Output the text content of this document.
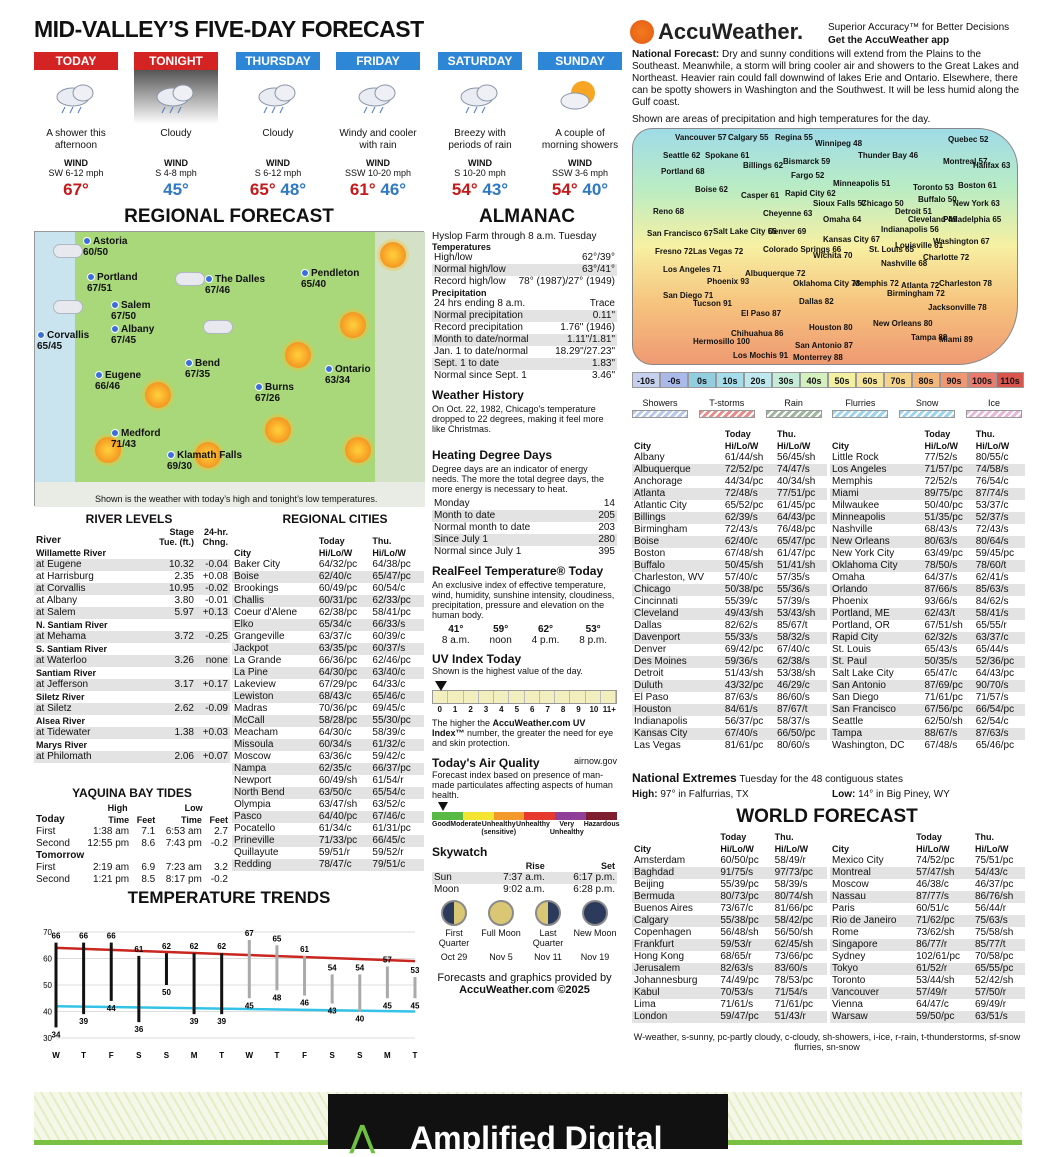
MID-VALLEY’S FIVE-DAY FORECAST
TODAY
A shower this afternoon
WIND
SW 6-12 mph
67°
TONIGHT
Cloudy
WIND
S 4-8 mph
45°
THURSDAY
Cloudy
WIND
S 6-12 mph
65° 48°
FRIDAY
Windy and cooler with rain
WIND
SSW 10-20 mph
61° 46°
SATURDAY
Breezy with periods of rain
WIND
S 10-20 mph
54° 43°
SUNDAY
A couple of morning showers
WIND
SSW 3-6 mph
54° 40°
REGIONAL FORECAST
Astoria
60/50
Portland
67/51
The Dalles
67/46
Pendleton
65/40
Salem
67/50
Corvallis
65/45
Albany
67/45
Eugene
66/46
Bend
67/35	Ontario
63/34
Burns
67/26
Medford
71/43
Klamath Falls
69/30
Shown is the weather with today’s high and tonight’s low temperatures.
RIVER LEVELS
River	Stage Tue. (ft.)	24-hr. Chng.
Willamette River		
at Eugene	10.32	-0.04
at Harrisburg	2.35	+0.08
at Corvallis	10.95	-0.02
at Albany	3.80	-0.01
at Salem	5.97	+0.13
N. Santiam River		
at Mehama	3.72	-0.25
S. Santiam River		
at Waterloo	3.26	none
Santiam River		
at Jefferson	3.17	+0.17
Siletz River		
at Siletz	2.62	-0.09
Alsea River		
at Tidewater	1.38	+0.03
Marys River		
at Philomath	2.06	+0.07
YAQUINA BAY TIDES
	High		Low	
Today	Time	Feet	Time	Feet
First	1:38 am	7.1	6:53 am	2.7
Second	12:55 pm	8.6	7:43 pm	-0.2
Tomorrow				
First	2:19 am	6.9	7:23 am	3.2
Second	1:21 pm	8.5	8:17 pm	-0.2
REGIONAL CITIES
	Today	Thu.
City	Hi/Lo/W	Hi/Lo/W
Baker City	64/32/pc	64/38/pc
Boise	62/40/c	65/47/pc
Brookings	60/49/pc	60/54/c
Challis	60/31/pc	62/33/pc
Coeur d'Alene	62/38/pc	58/41/pc
Elko	65/34/c	66/33/s
Grangeville	63/37/c	60/39/c
Jackpot	63/35/pc	60/37/s
La Grande	66/36/pc	62/46/pc
La Pine	64/30/pc	63/40/c
Lakeview	67/29/pc	64/33/c
Lewiston	68/43/c	65/46/c
Madras	70/36/pc	69/45/c
McCall	58/28/pc	55/30/pc
Meacham	64/30/c	58/39/c
Missoula	60/34/s	61/32/c
Moscow	63/36/c	59/42/c
Nampa	62/35/c	66/37/pc
Newport	60/49/sh	61/54/r
North Bend	63/50/c	65/54/c
Olympia	63/47/sh	63/52/c
Pasco	64/40/pc	67/46/c
Pocatello	61/34/c	61/31/pc
Prineville	71/33/pc	66/45/c
Quillayute	59/51/r	59/52/r
Redding	78/47/c	79/51/c
TEMPERATURE TRENDS
30
40
50
60
70 66
34
W
66
39
T
66
44
F
61
36
S
62
50
S
62
39
M
62
39
T
67
45
W
65
48
T
61
46
F
54
43
S
54
40
S
57
45
M
53
45
T
ALMANAC
Hyslop Farm through 8 a.m. Tuesday
Temperatures
High/low	62°/39°
Normal high/low	63°/41°
Record high/low	78° (1987)/27° (1949)
Precipitation
24 hrs ending 8 a.m.	Trace
Normal precipitation	0.11"
Record precipitation	1.76" (1946)
Month to date/normal	1.11"/1.81"
Jan. 1 to date/normal	18.29"/27.23"
Sept. 1 to date	1.83"
Normal since Sept. 1	3.46"
Weather History
On Oct. 22, 1982, Chicago's temperature dropped to 22 degrees, making it feel more like Christmas.
Heating Degree Days
Degree days are an indicator of energy needs. The more the total degree days, the more energy is necessary to heat.
Monday	14
Month to date	205
Normal month to date	203
Since July 1	280
Normal since July 1	395
RealFeel Temperature® Today
An exclusive index of effective temperature, wind, humidity, sunshine intensity, cloudiness, precipitation, pressure and elevation on the human body.
41°
8 a.m.
59°
noon
62°
4 p.m.
53°
8 p.m.
UV Index Today
Shown is the highest value of the day.
0	1	2	3	4	5	6	7	8	9	10 11+
The higher the AccuWeather.com UV Index™ number, the greater the need for eye and skin protection.
Today's Air Quality	airnow.gov
Forecast index based on presence of man-made particulates affecting aspects of human health.
Good Moderate Unhealthy (sensitive)
Unhealthy	Very Unhealthy
Hazardous
Skywatch
	Rise	Set
Sun	7:37 a.m.	6:17 p.m.
Moon	9:02 a.m.	6:28 p.m.
First Quarter
Oct 29
Full Moon
Nov 5
Last Quarter
Nov 11
New Moon
Nov 19
Forecasts and graphics provided by
AccuWeather.com ©2025
AccuWeather. Superior Accuracy™ for Better Decisions
Get the AccuWeather app
National Forecast: Dry and sunny conditions will extend from the Plains to the Southeast. Meanwhile, a storm will bring cooler air and showers to the Great Lakes and Northeast. Heavier rain could fall downwind of lakes Erie and Ontario. Elsewhere, there can be spotty showers in Washington and the Southwest. It will be less humid along the Gulf coast.
Shown are areas of precipitation and high temperatures for the day.
Vancouver 57 Calgary 55 Regina 55
Winnipeg 48	Quebec 52
Seattle 62 Spokane 61
Billings 62 Bismarck 59
Thunder Bay 46
Montreal 57
Halifax 63
Portland 68
Boise 62
Fargo 52
Minneapolis 51	Toronto 53 Boston 61
Casper 61 Rapid City 62
Sioux Falls 57
Chicago 50 Buffalo 50
New York 63
Reno 68
Salt Lake City 65
Cheyenne 63
Omaha 64
Detroit 51
Cleveland 49
Philadelphia 65
San Francisco 67	Denver 69
Kansas City 67
Indianapolis 56
Washington 67
Fresno 72 Las Vegas 72 Colorado Springs 66
Wichita 70
St. Louis 65
Louisville 61
Los Angeles 71	Albuquerque 72
Nashville 68
Charlotte 72
San Diego 71
Phoenix 93	Oklahoma City 78
Memphis 72 Atlanta 72 Charleston 78
Tucson 91
El Paso 87
Dallas 82
Birmingham 72
Jacksonville 78
Chihuahua 86
Houston 80	New Orleans 80
Hermosillo 100	San Antonio 87
Tampa 88
Miami 89
Los Mochis 91 Monterrey 88
-10s	-0s	0s	10s	20s	30s	40s	50s	60s	70s	80s	90s	100s 110s
Showers	T-storms	Rain	Flurries	Snow	Ice
	Today	Thu.
City	Hi/Lo/W	Hi/Lo/W
Albany	61/44/sh	56/45/sh
Albuquerque	72/52/pc	74/47/s
Anchorage	44/34/pc	40/34/sh
Atlanta	72/48/s	77/51/pc
Atlantic City	65/52/pc	61/45/pc
Billings	62/39/s	64/43/pc
Birmingham	72/43/s	76/48/pc
Boise	62/40/c	65/47/pc
Boston	67/48/sh	61/47/pc
Buffalo	50/45/sh	51/41/sh
Charleston, WV	57/40/c	57/35/s
Chicago	50/38/pc	55/36/s
Cincinnati	55/39/c	57/39/s
Cleveland	49/43/sh	53/43/sh
Dallas	82/62/s	85/67/t
Davenport	55/33/s	58/32/s
Denver	69/42/pc	67/40/c
Des Moines	59/36/s	62/38/s
Detroit	51/43/sh	53/38/sh
Duluth	43/32/pc	46/29/c
El Paso	87/63/s	86/60/s
Houston	84/61/s	87/67/t
Indianapolis	56/37/pc	58/37/s
Kansas City	67/40/s	66/50/pc
Las Vegas	81/61/pc	80/60/s
	Today	Thu.
City	Hi/Lo/W	Hi/Lo/W
Little Rock	77/52/s	80/55/c
Los Angeles	71/57/pc	74/58/s
Memphis	72/52/s	76/54/c
Miami	89/75/pc	87/74/s
Milwaukee	50/40/pc	53/37/c
Minneapolis	51/35/pc	52/37/s
Nashville	68/43/s	72/43/s
New Orleans	80/63/s	80/64/s
New York City	63/49/pc	59/45/pc
Oklahoma City	78/50/s	78/60/t
Omaha	64/37/s	62/41/s
Orlando	87/66/s	85/63/s
Phoenix	93/66/s	84/62/s
Portland, ME	62/43/t	58/41/s
Portland, OR	67/51/sh	65/55/r
Rapid City	62/32/s	63/37/c
St. Louis	65/43/s	65/44/s
St. Paul	50/35/s	52/36/pc
Salt Lake City	65/47/c	64/43/pc
San Antonio	87/69/pc	90/70/s
San Diego	71/61/pc	71/57/s
San Francisco	67/56/pc	66/54/pc
Seattle	62/50/sh	62/54/c
Tampa	88/67/s	87/63/s
Washington, DC	67/48/s	65/46/pc
National Extremes Tuesday for the 48 contiguous states
High: 97° in Falfurrias, TX	Low: 14° in Big Piney, WY
WORLD FORECAST
	Today	Thu.
City	Hi/Lo/W	Hi/Lo/W
Amsterdam	60/50/pc	58/49/r
Baghdad	91/75/s	97/73/pc
Beijing	55/39/pc	58/39/s
Bermuda	80/73/pc	80/74/sh
Buenos Aires	73/67/c	81/66/pc
Calgary	55/38/pc	58/42/pc
Copenhagen	56/48/sh	56/50/sh
Frankfurt	59/53/r	62/45/sh
Hong Kong	68/65/r	73/66/pc
Jerusalem	82/63/s	83/60/s
Johannesburg	74/49/pc	78/53/pc
Kabul	70/53/s	71/54/s
Lima	71/61/s	71/61/pc
London	59/47/pc	51/43/r
	Today	Thu.
City	Hi/Lo/W	Hi/Lo/W
Mexico City	74/52/pc	75/51/pc
Montreal	57/47/sh	54/43/c
Moscow	46/38/c	46/37/pc
Nassau	87/77/s	86/76/sh
Paris	60/51/c	56/44/r
Rio de Janeiro	71/62/pc	75/63/s
Rome	73/62/sh	75/58/sh
Singapore	86/77/r	85/77/t
Sydney	102/61/pc	70/58/pc
Tokyo	61/52/r	65/55/pc
Toronto	53/44/sh	52/42/sh
Vancouver	57/49/r	57/50/r
Vienna	64/47/c	69/49/r
Warsaw	59/50/pc	63/51/s
W-weather, s-sunny, pc-partly cloudy, c-cloudy, sh-showers, i-ice, r-rain, t-thunderstorms, sf-snow flurries, sn-snow
⋀ Amplified Digital
